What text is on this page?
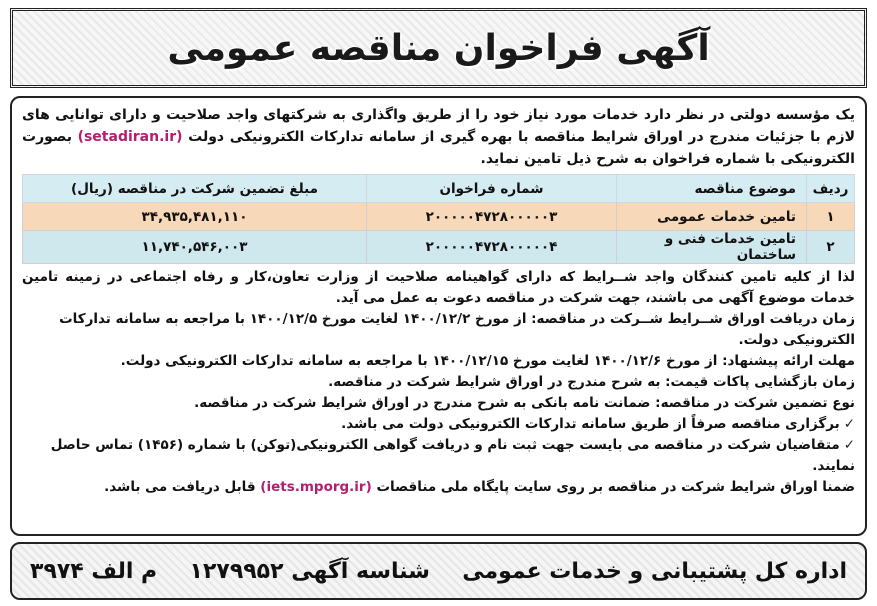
آگهی فراخوان مناقصه عمومی

یک مؤسسه دولتی در نظر دارد خدمات مورد نیاز خود را از طریق واگذاری به شرکتهای واجد صلاحیت و دارای توانایی های لازم با جزئیات مندرج در اوراق شرایط مناقصه با بهره گیری از سامانه تدارکات الکترونیکی دولت (setadiran.ir) بصورت الکترونیکی با شماره فراخوان به شرح ذیل تامین نماید.

ردیف	موضوع مناقصه	شماره فراخوان	مبلغ تضمین شرکت در مناقصه (ریال)
۱	تامین خدمات عمومی	۲۰۰۰۰۰۴۷۲۸۰۰۰۰۰۳	۳۴,۹۳۵,۴۸۱,۱۱۰
۲	تامین خدمات فنی و ساختمان	۲۰۰۰۰۰۴۷۲۸۰۰۰۰۰۴	۱۱,۷۴۰,۵۴۶,۰۰۳

لذا از کلیه تامین کنندگان واجد شــرایط که دارای گواهینامه صلاحیت از وزارت تعاون،کار و رفاه اجتماعی در زمینه تامین خدمات موضوع آگهی می باشند، جهت شرکت در مناقصه دعوت به عمل می آید.

زمان دریافت اوراق شــرایط شــرکت در مناقصه: از مورخ ۱۴۰۰/۱۲/۲ لغایت مورخ ۱۴۰۰/۱۲/۵ با مراجعه به سامانه تدارکات الکترونیکی دولت.

مهلت ارائه پیشنهاد: از مورخ ۱۴۰۰/۱۲/۶ لغایت مورخ ۱۴۰۰/۱۲/۱۵ با مراجعه به سامانه تدارکات الکترونیکی دولت.

زمان بازگشایی پاکات قیمت: به شرح مندرج در اوراق شرایط شرکت در مناقصه.

نوع تضمین شرکت در مناقصه: ضمانت نامه بانکی به شرح مندرج در اوراق شرایط شرکت در مناقصه.

✓برگزاری مناقصه صرفاً از طریق سامانه تدارکات الکترونیکی دولت می باشد.

✓متقاضیان شرکت در مناقصه می بایست جهت ثبت نام و دریافت گواهی الکترونیکی(توکن) با شماره (۱۴۵۶) تماس حاصل نمایند.

ضمنا اوراق شرایط شرکت در مناقصه بر روی سایت پایگاه ملی مناقصات (iets.mporg.ir) قابل دریافت می باشد.

اداره کل پشتیبانی و خدمات عمومی
شناسه آگهی ۱۲۷۹۹۵۲
م الف ۳۹۷۴
